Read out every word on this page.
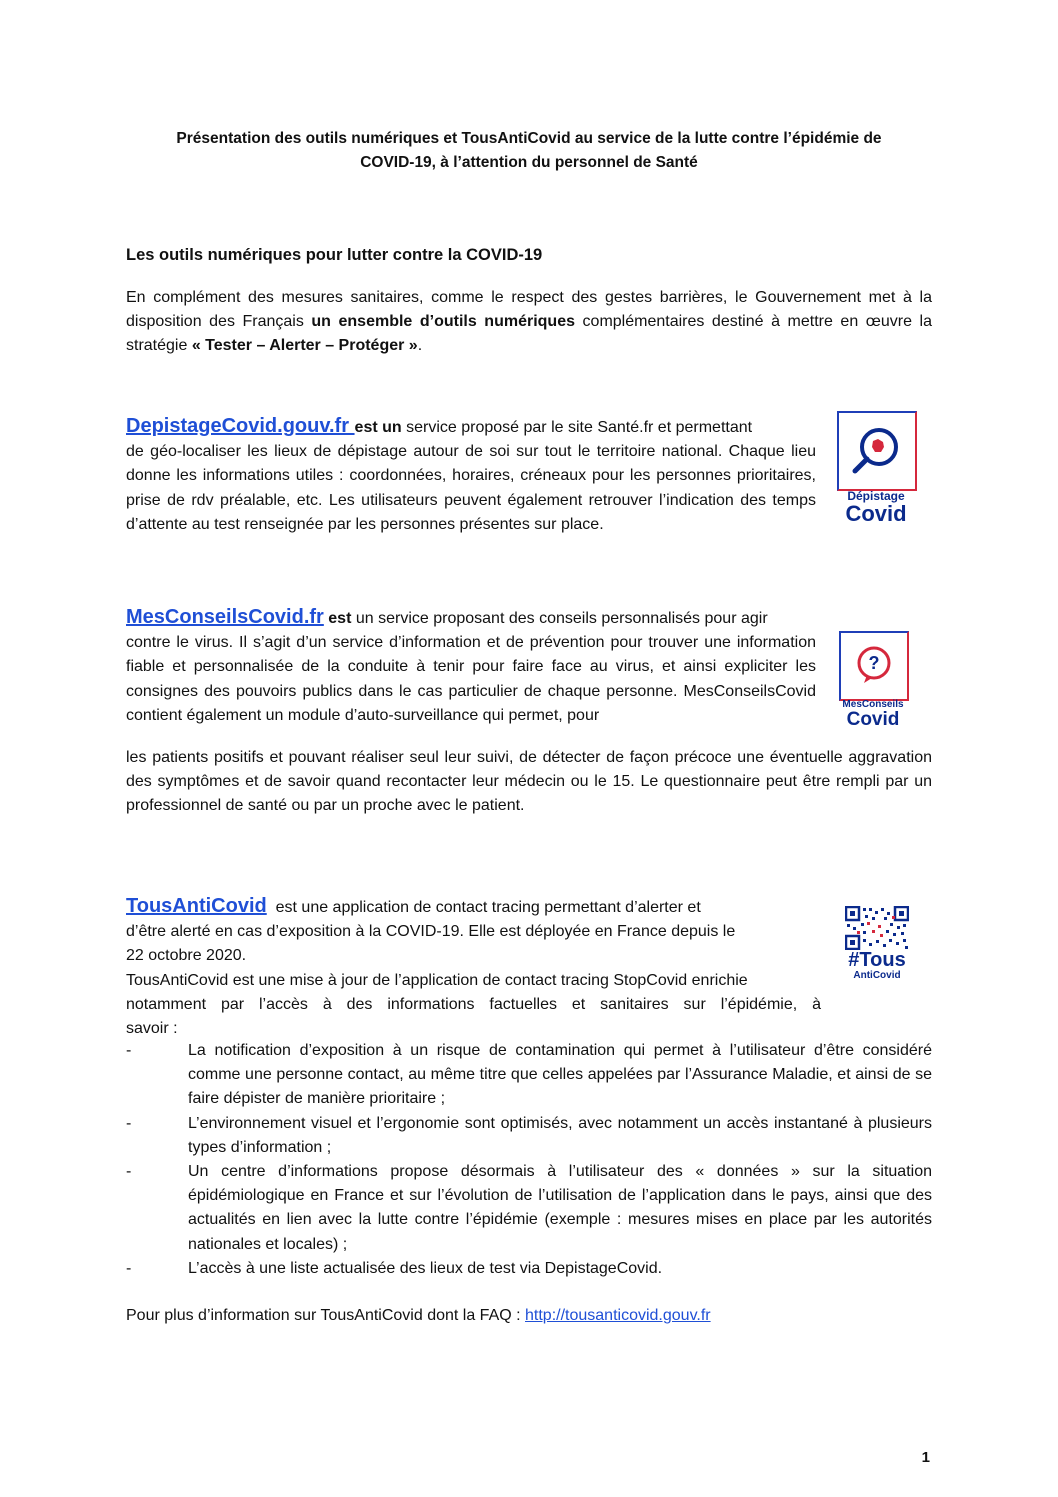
Présentation des outils numériques et TousAntiCovid au service de la lutte contre l’épidémie de
COVID-19, à l’attention du personnel de Santé
Les outils numériques pour lutter contre la COVID-19
En complément des mesures sanitaires, comme le respect des gestes barrières, le Gouvernement met à la disposition des Français un ensemble d’outils numériques complémentaires destiné à mettre en œuvre la stratégie « Tester – Alerter – Protéger ».
DepistageCovid.gouv.fr est un service proposé par le site Santé.fr et permettant
de géo-localiser les lieux de dépistage autour de soi sur tout le territoire national. Chaque lieu donne les informations utiles : coordonnées, horaires, créneaux pour les personnes prioritaires, prise de rdv préalable, etc. Les utilisateurs peuvent également retrouver l’indication des temps d’attente au test renseignée par les personnes présentes sur place.
Dépistage
Covid
MesConseilsCovid.fr est un service proposant des conseils personnalisés pour agir
contre le virus. Il s’agit d’un service d’information et de prévention pour trouver une information fiable et personnalisée de la conduite à tenir pour faire face au virus, et ainsi expliciter les consignes des pouvoirs publics dans le cas particulier de chaque personne. MesConseilsCovid contient également un module d’auto-surveillance qui permet, pour
les patients positifs et pouvant réaliser seul leur suivi, de détecter de façon précoce une éventuelle aggravation des symptômes et de savoir quand recontacter leur médecin ou le 15. Le questionnaire peut être rempli par un professionnel de santé ou par un proche avec le patient.
?
MesConseils
Covid
TousAntiCovid est une application de contact tracing permettant d’alerter et
d’être alerté en cas d’exposition à la COVID-19. Elle est déployée en France depuis le
22 octobre 2020.
TousAntiCovid est une mise à jour de l’application de contact tracing StopCovid enrichie
notamment par l’accès à des informations factuelles et sanitaires sur l’épidémie, à
savoir :
-	La notification d’exposition à un risque de contamination qui permet à l’utilisateur d’être considéré comme une personne contact, au même titre que celles appelées par l’Assurance Maladie, et ainsi de se faire dépister de manière prioritaire ;
-	L’environnement visuel et l’ergonomie sont optimisés, avec notamment un accès instantané à plusieurs types d’information ;
-	Un centre d’informations propose désormais à l’utilisateur des « données » sur la situation épidémiologique en France et sur l’évolution de l’utilisation de l’application dans le pays, ainsi que des actualités en lien avec la lutte contre l’épidémie (exemple : mesures mises en place par les autorités nationales et locales) ;
-	L’accès à une liste actualisée des lieux de test via DepistageCovid.
#Tous
AntiCovid
Pour plus d’information sur TousAntiCovid dont la FAQ : http://tousanticovid.gouv.fr
1
